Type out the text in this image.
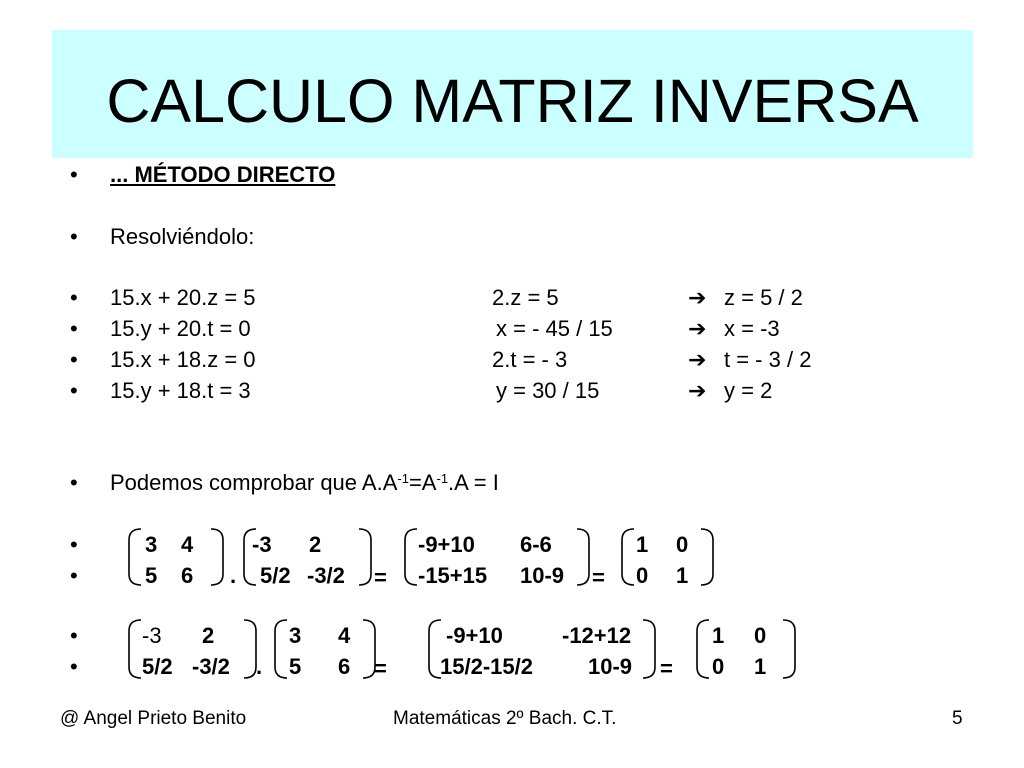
CALCULO MATRIZ INVERSA
• ... MÉTODO DIRECTO
• Resolviéndolo:
• 15.x + 20.z = 5	2.z = 5	➔ z = 5 / 2
• 15.y + 20.t = 0	x = - 45 / 15	➔ x = -3
• 15.x + 18.z = 0	2.t = - 3	➔ t = - 3 / 2
• 15.y + 18.t = 3	y = 30 / 15	➔ y = 2
• Podemos comprobar que $A.A^{-1}=A^{-1}.A = I$
•
•
3 4
5 6 .
-3 2
5/2 -3/2 =
-9+10 6-6
-15+15 10-9 =
1 0
0 1
•
•
-3 2
5/2 -3/2 .
3 4
5 6 =
-9+10	-12+12
15/2-15/2	10-9 =
1 0
0 1
@ Angel Prieto Benito	Matemáticas 2º Bach. C.T.	5
